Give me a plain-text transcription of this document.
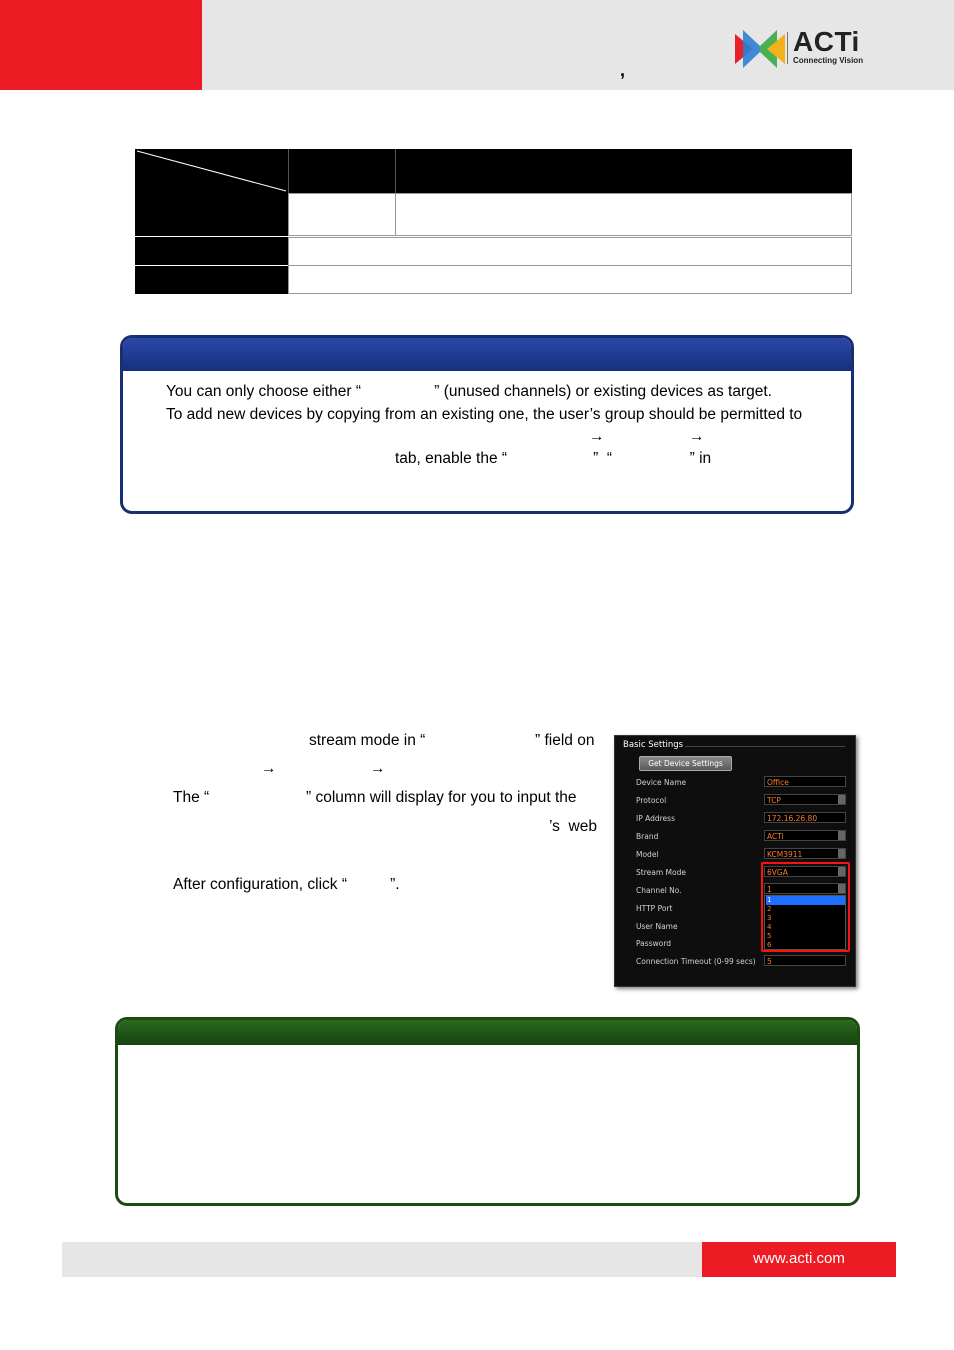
,
ACTi
Connecting Vision
You can only choose either “                 ” (unused channels) or existing devices as target.
To add new devices by copying from an existing one, the user’s group should be permitted to
→	→
tab, enable the “                    ”  “                  ” in
stream mode in “	” field on
→	→
The “	” column will display for you to input the
’s  web
After configuration, click “          ”.
Basic Settings
Get Device Settings
Device Name	Office
Protocol	TCP
IP Address	172.16.26.80
Brand	ACTi
Model	KCM3911
Stream Mode	6VGA
Channel No.	1
HTTP Port
User Name
Password
1
2
3
4
5
6
Connection Timeout (0-99 secs)	5
www.acti.com
